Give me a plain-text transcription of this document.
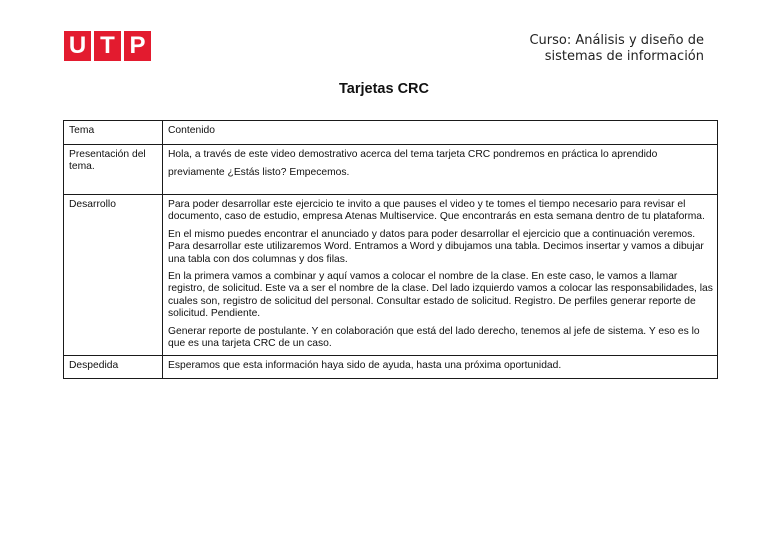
U T P	Curso: Análisis y diseño de
sistemas de información
Tarjetas CRC
Tema	Contenido
Presentación del tema.	Hola, a través de este video demostrativo acerca del tema tarjeta CRC pondremos en práctica lo aprendido
previamente ¿Estás listo? Empecemos.

Desarrollo	Para poder desarrollar este ejercicio te invito a que pauses el video y te tomes el tiempo necesario para revisar el documento, caso de estudio, empresa Atenas Multiservice. Que encontrarás en esta semana dentro de tu plataforma.

En el mismo puedes encontrar el anunciado y datos para poder desarrollar el ejercicio que a continuación veremos. Para desarrollar este utilizaremos Word. Entramos a Word y dibujamos una tabla. Decimos insertar y vamos a dibujar una tabla con dos columnas y dos filas.

En la primera vamos a combinar y aquí vamos a colocar el nombre de la clase. En este caso, le vamos a llamar registro, de solicitud. Este va a ser el nombre de la clase. Del lado izquierdo vamos a colocar las responsabilidades, las cuales son, registro de solicitud del personal. Consultar estado de solicitud. Registro. De perfiles generar reporte de solicitud. Pendiente.

Generar reporte de postulante. Y en colaboración que está del lado derecho, tenemos al jefe de sistema. Y eso es lo que es una tarjeta CRC de un caso.

Despedida	Esperamos que esta información haya sido de ayuda, hasta una próxima oportunidad.
